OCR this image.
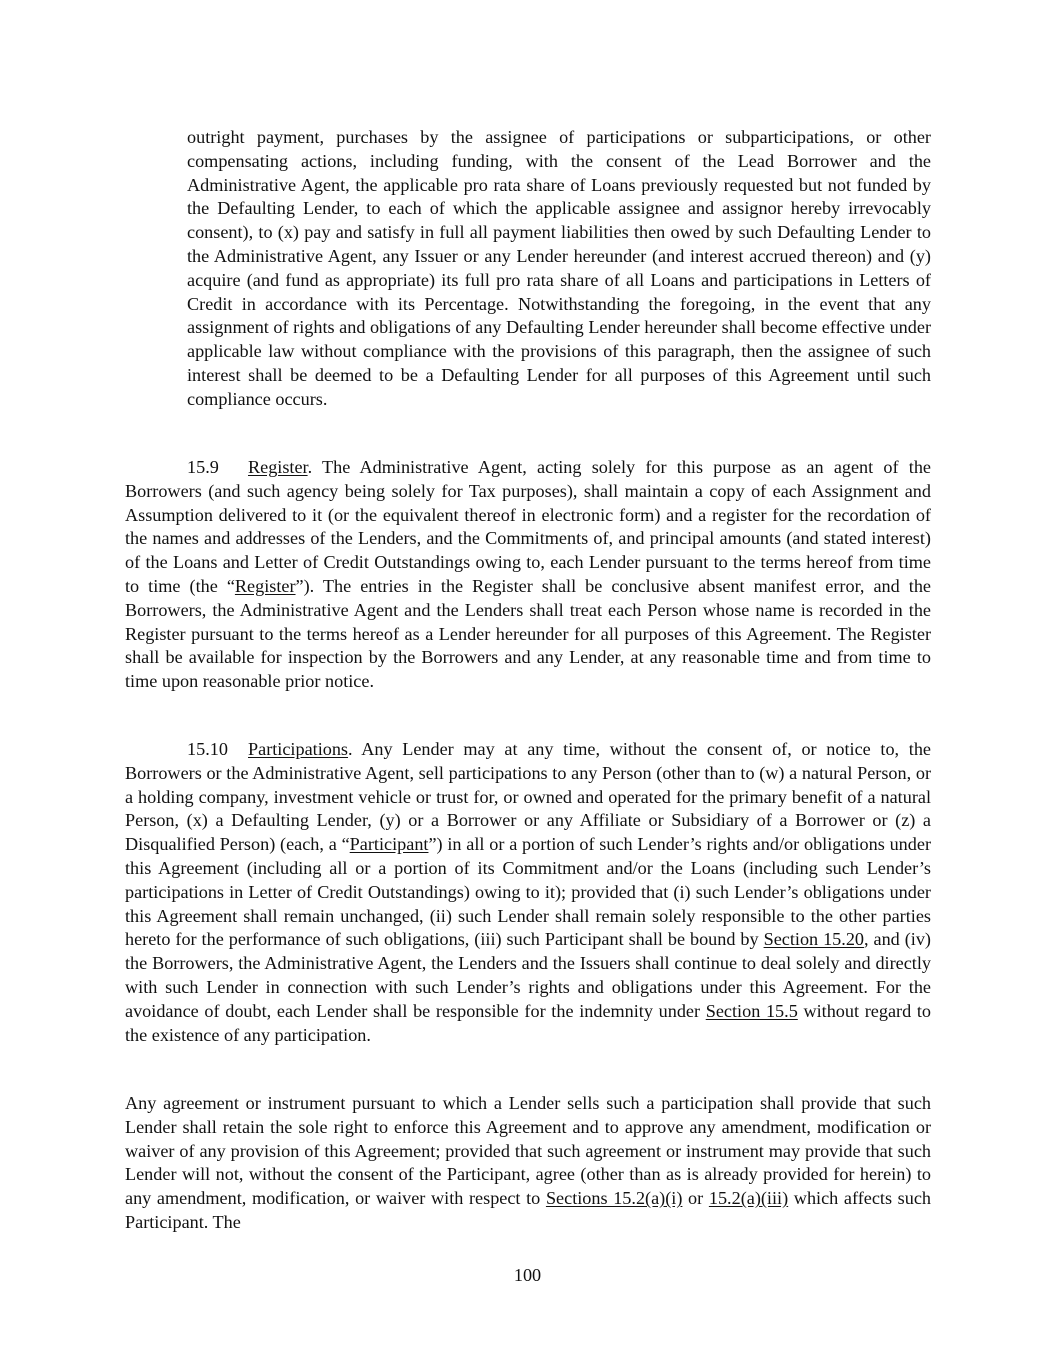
outright payment, purchases by the assignee of participations or subparticipations, or other compensating actions, including funding, with the consent of the Lead Borrower and the Administrative Agent, the applicable pro rata share of Loans previously requested but not funded by the Defaulting Lender, to each of which the applicable assignee and assignor hereby irrevocably consent), to (x) pay and satisfy in full all payment liabilities then owed by such Defaulting Lender to the Administrative Agent, any Issuer or any Lender hereunder (and interest accrued thereon) and (y) acquire (and fund as appropriate) its full pro rata share of all Loans and participations in Letters of Credit in accordance with its Percentage. Notwithstanding the foregoing, in the event that any assignment of rights and obligations of any Defaulting Lender hereunder shall become effective under applicable law without compliance with the provisions of this paragraph, then the assignee of such interest shall be deemed to be a Defaulting Lender for all purposes of this Agreement until such compliance occurs.

15.9 Register. The Administrative Agent, acting solely for this purpose as an agent of the Borrowers (and such agency being solely for Tax purposes), shall maintain a copy of each Assignment and Assumption delivered to it (or the equivalent thereof in electronic form) and a register for the recordation of the names and addresses of the Lenders, and the Commitments of, and principal amounts (and stated interest) of the Loans and Letter of Credit Outstandings owing to, each Lender pursuant to the terms hereof from time to time (the “Register”). The entries in the Register shall be conclusive absent manifest error, and the Borrowers, the Administrative Agent and the Lenders shall treat each Person whose name is recorded in the Register pursuant to the terms hereof as a Lender hereunder for all purposes of this Agreement. The Register shall be available for inspection by the Borrowers and any Lender, at any reasonable time and from time to time upon reasonable prior notice.

15.10 Participations. Any Lender may at any time, without the consent of, or notice to, the Borrowers or the Administrative Agent, sell participations to any Person (other than to (w) a natural Person, or a holding company, investment vehicle or trust for, or owned and operated for the primary benefit of a natural Person, (x) a Defaulting Lender, (y) or a Borrower or any Affiliate or Subsidiary of a Borrower or (z) a Disqualified Person) (each, a “Participant”) in all or a portion of such Lender’s rights and/or obligations under this Agreement (including all or a portion of its Commitment and/or the Loans (including such Lender’s participations in Letter of Credit Outstandings) owing to it); provided that (i) such Lender’s obligations under this Agreement shall remain unchanged, (ii) such Lender shall remain solely responsible to the other parties hereto for the performance of such obligations, (iii) such Participant shall be bound by Section 15.20, and (iv) the Borrowers, the Administrative Agent, the Lenders and the Issuers shall continue to deal solely and directly with such Lender in connection with such Lender’s rights and obligations under this Agreement. For the avoidance of doubt, each Lender shall be responsible for the indemnity under Section 15.5 without regard to the existence of any participation.

Any agreement or instrument pursuant to which a Lender sells such a participation shall provide that such Lender shall retain the sole right to enforce this Agreement and to approve any amendment, modification or waiver of any provision of this Agreement; provided that such agreement or instrument may provide that such Lender will not, without the consent of the Participant, agree (other than as is already provided for herein) to any amendment, modification, or waiver with respect to Sections 15.2(a)(i) or 15.2(a)(iii) which affects such Participant. The

100
